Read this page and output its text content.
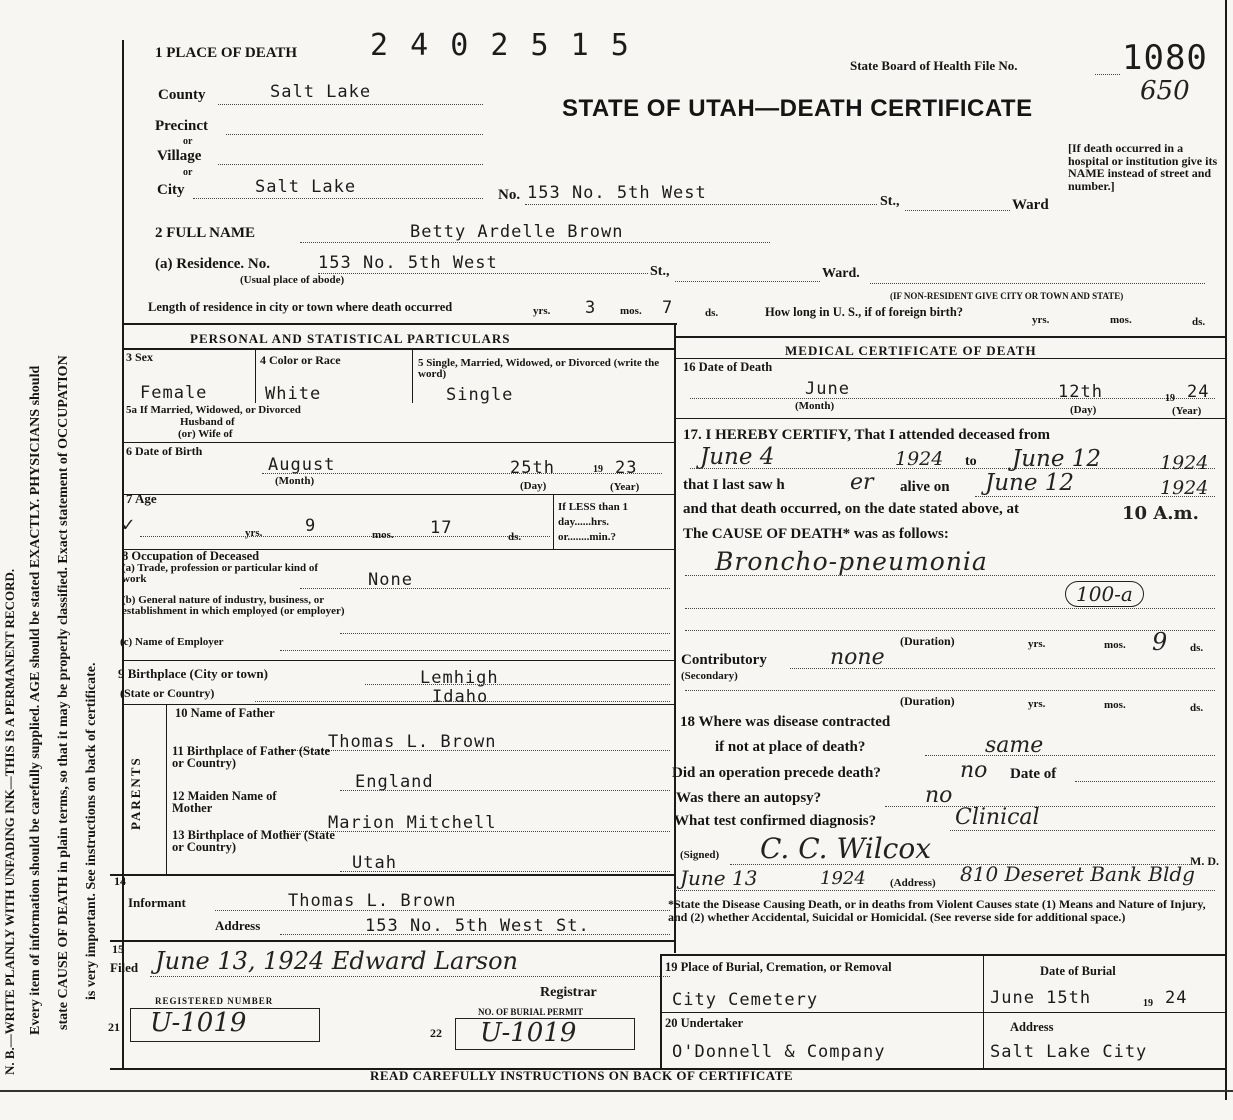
N. B.—WRITE PLAINLY WITH UNFADING INK—THIS IS A PERMANENT RECORD. Every item of information should be carefully supplied. AGE should be stated EXACTLY. PHYSICIANS should state CAUSE OF DEATH in plain terms, so that it may be properly classified. Exact statement of OCCUPATION is very important. See instructions on back of certificate.
1 PLACE OF DEATH 2 4 0 2 5 1 5
State Board of Health File No.	1080
650
STATE OF UTAH—DEATH CERTIFICATE
County	Salt Lake
Precinct
or
Village
or
City	Salt Lake	No. 153 No. 5th West	St.,	Ward
[If death occurred in a hospital or institution give its NAME instead of street and number.]
2 FULL NAME	Betty Ardelle Brown
(a) Residence. No.	153 No. 5th West
(Usual place of abode)
St.,	Ward.
(IF NON-RESIDENT GIVE CITY OR TOWN AND STATE)
Length of residence in city or town where death occurred	yrs. 3 mos. 7	ds.	How long in U. S., if of foreign birth?
yrs.	mos.	ds.
PERSONAL AND STATISTICAL PARTICULARS
3 Sex	4 Color or Race	5 Single, Married, Widowed, or Divorced (write the word)
Female	White	Single
5a If Married, Widowed, or Divorced
Husband of
(or) Wife of
6 Date of Birth
August	25th	19 23
(Month)	(Day)	(Year)
7 Age
✓	yrs.	9	mos. 17	ds.
If LESS than 1 day......hrs. or........min.?
8 Occupation of Deceased
(a) Trade, profession or particular kind of work	None
(b) General nature of industry, business, or establishment in which employed (or employer)
(c) Name of Employer
9 Birthplace (City or town)	Lemhigh
(State or Country)	Idaho
PARENTS
10 Name of Father
Thomas L. Brown
11 Birthplace of Father (State or Country)
England
12 Maiden Name of Mother
Marion Mitchell
13 Birthplace of Mother (State or Country)
Utah
14
Informant	Thomas L. Brown
Address	153 No. 5th West St.
15
Filed June 13, 1924 Edward Larson
Registrar
REGISTERED NUMBER
21 U-1019	22
NO. OF BURIAL PERMIT
U-1019
MEDICAL CERTIFICATE OF DEATH
16 Date of Death
June	12th	19 24
(Month)	(Day)	(Year)
17. I HEREBY CERTIFY, That I attended deceased from
June 4	1924 to June 12	1924
that I last saw h	er alive on June 12	1924
and that death occurred, on the date stated above, at	10 A.m.
The CAUSE OF DEATH* was as follows:
Broncho-pneumonia
100-a
(Duration)	yrs.	mos. 9 ds.
Contributory
(Secondary)
none
(Duration)	yrs.	mos.	ds.
18 Where was disease contracted
if not at place of death?	same
Did an operation precede death?	no Date of
Was there an autopsy?	no
What test confirmed diagnosis?	Clinical
(Signed) C. C. Wilcox	M. D.
June 13	1924 (Address) 810 Deseret Bank Bldg
*State the Disease Causing Death, or in deaths from Violent Causes state (1) Means and Nature of Injury, and (2) whether Accidental, Suicidal or Homicidal. (See reverse side for additional space.)
19 Place of Burial, Cremation, or Removal
City Cemetery
Date of Burial
June 15th	19 24
20 Undertaker
O'Donnell & Company
Address
Salt Lake City
READ CAREFULLY INSTRUCTIONS ON BACK OF CERTIFICATE
